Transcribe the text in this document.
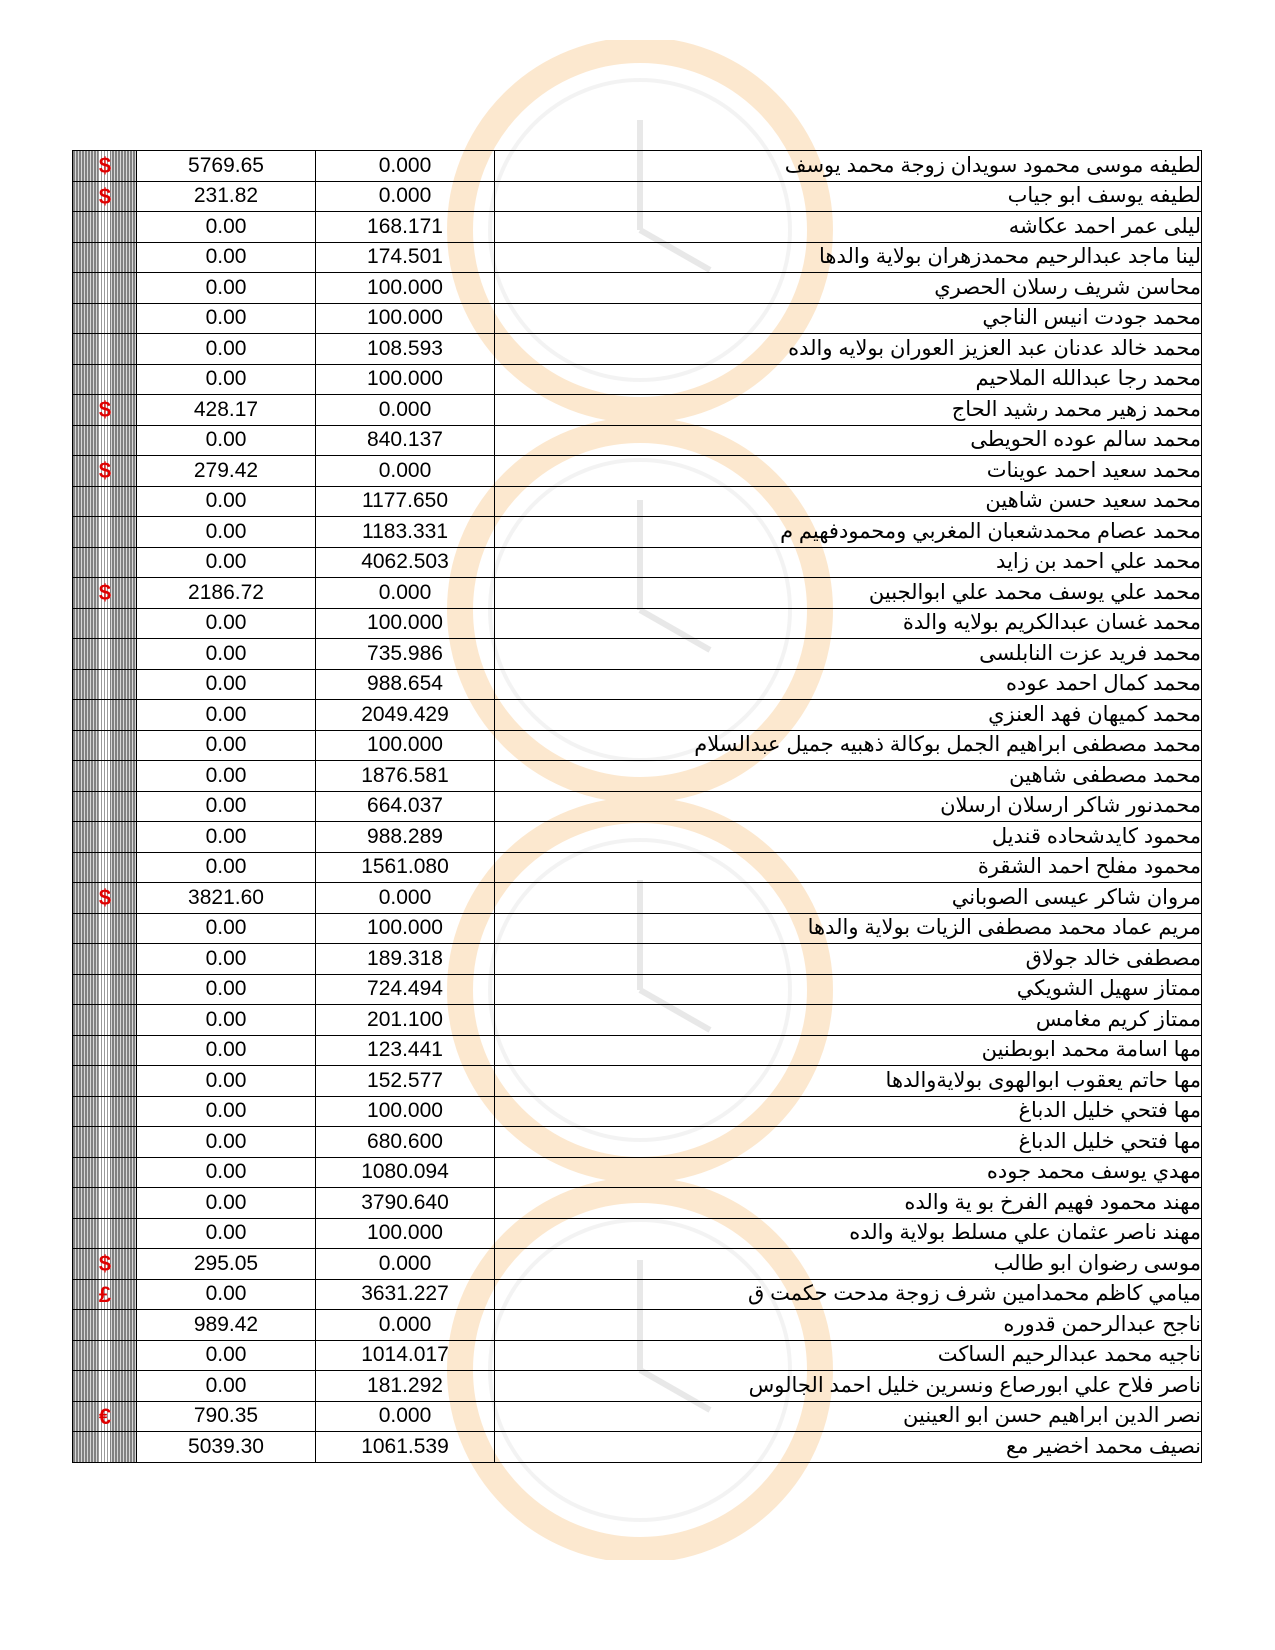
$	5769.65	0.000	لطيفه موسى محمود سويدان زوجة محمد يوسف

$	231.82	0.000	لطيفه يوسف ابو جياب

	0.00	168.171	ليلى عمر احمد عكاشه

	0.00	174.501	لينا ماجد عبدالرحيم محمدزهران بولاية والدها

	0.00	100.000	محاسن شريف رسلان الحصري

	0.00	100.000	محمد جودت انيس الناجي

	0.00	108.593	محمد خالد عدنان عبد العزيز العوران بولايه والده

	0.00	100.000	محمد رجا عبدالله الملاحيم

$	428.17	0.000	محمد زهير محمد رشيد الحاج

	0.00	840.137	محمد سالم عوده الحويطى

$	279.42	0.000	محمد سعيد احمد عوينات

	0.00	1177.650	محمد سعيد حسن شاهين

	0.00	1183.331	محمد عصام محمدشعبان المغربي ومحمودفهيم م

	0.00	4062.503	محمد علي احمد بن زايد

$	2186.72	0.000	محمد علي يوسف محمد علي ابوالجبين

	0.00	100.000	محمد غسان عبدالكريم بولايه والدة

	0.00	735.986	محمد فريد عزت النابلسى

	0.00	988.654	محمد كمال احمد عوده

	0.00	2049.429	محمد كميهان فهد العنزي

	0.00	100.000	محمد مصطفى ابراهيم الجمل بوكالة ذهبيه جميل عبدالسلام

	0.00	1876.581	محمد مصطفى شاهين

	0.00	664.037	محمدنور شاكر ارسلان ارسلان

	0.00	988.289	محمود كايدشحاده قنديل

	0.00	1561.080	محمود مفلح احمد الشقرة

$	3821.60	0.000	مروان شاكر عيسى الصوباني

	0.00	100.000	مريم عماد محمد مصطفى الزيات بولاية والدها

	0.00	189.318	مصطفى خالد جولاق

	0.00	724.494	ممتاز سهيل الشويكي

	0.00	201.100	ممتاز كريم مغامس

	0.00	123.441	مها اسامة محمد ابوبطنين

	0.00	152.577	مها حاتم يعقوب ابوالهوى بولايةوالدها

	0.00	100.000	مها فتحي خليل الدباغ

	0.00	680.600	مها فتحي خليل الدباغ

	0.00	1080.094	مهدي يوسف محمد جوده

	0.00	3790.640	مهند محمود فهيم الفرخ بو ية والده

	0.00	100.000	مهند ناصر عثمان علي مسلط بولاية والده

$	295.05	0.000	موسى رضوان ابو طالب

£	0.00	3631.227	ميامي كاظم محمدامين شرف زوجة مدحت حكمت ق

	989.42	0.000	ناجح عبدالرحمن قدوره

	0.00	1014.017	ناجيه محمد عبدالرحيم الساكت

	0.00	181.292	ناصر فلاح علي ابورصاع ونسرين خليل احمد الجالوس

€	790.35	0.000	نصر الدين ابراهيم حسن ابو العينين

	5039.30	1061.539	نصيف محمد اخضير مع
